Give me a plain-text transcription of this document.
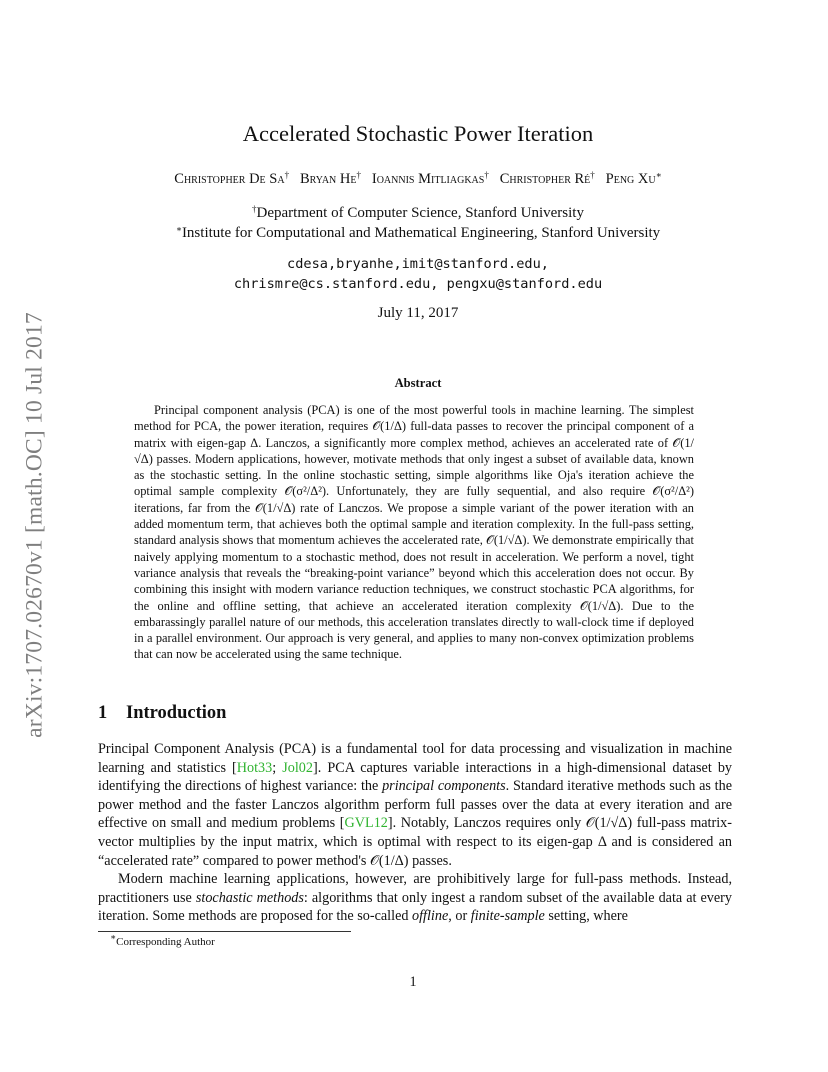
arXiv:1707.02670v1 [math.OC] 10 Jul 2017
Accelerated Stochastic Power Iteration
Christopher De Sa† Bryan He† Ioannis Mitliagkas† Christopher Ré† Peng Xu∗
†Department of Computer Science, Stanford University
∗Institute for Computational and Mathematical Engineering, Stanford University
cdesa,bryanhe,imit@stanford.edu,
chrismre@cs.stanford.edu, pengxu@stanford.edu
July 11, 2017
Abstract

Principal component analysis (PCA) is one of the most powerful tools in machine learning. The simplest method for PCA, the power iteration, requires 𝒪(1/Δ) full-data passes to recover the principal component of a matrix with eigen-gap Δ. Lanczos, a significantly more complex method, achieves an accelerated rate of 𝒪(1/√Δ) passes. Modern applications, however, motivate methods that only ingest a subset of available data, known as the stochastic setting. In the online stochastic setting, simple algorithms like Oja's iteration achieve the optimal sample complexity 𝒪(σ²/Δ²). Unfortunately, they are fully sequential, and also require 𝒪(σ²/Δ²) iterations, far from the 𝒪(1/√Δ) rate of Lanczos. We propose a simple variant of the power iteration with an added momentum term, that achieves both the optimal sample and iteration complexity. In the full-pass setting, standard analysis shows that momentum achieves the accelerated rate, 𝒪(1/√Δ). We demonstrate empirically that naively applying momentum to a stochastic method, does not result in acceleration. We perform a novel, tight variance analysis that reveals the “breaking-point variance” beyond which this acceleration does not occur. By combining this insight with modern variance reduction techniques, we construct stochastic PCA algorithms, for the online and offline setting, that achieve an accelerated iteration complexity 𝒪(1/√Δ). Due to the embarassingly parallel nature of our methods, this acceleration translates directly to wall-clock time if deployed in a parallel environment. Our approach is very general, and applies to many non-convex optimization problems that can now be accelerated using the same technique.

1 Introduction

Principal Component Analysis (PCA) is a fundamental tool for data processing and visualization in machine learning and statistics [Hot33; Jol02]. PCA captures variable interactions in a high-dimensional dataset by identifying the directions of highest variance: the principal components. Standard iterative methods such as the power method and the faster Lanczos algorithm perform full passes over the data at every iteration and are effective on small and medium problems [GVL12]. Notably, Lanczos requires only 𝒪(1/√Δ) full-pass matrix-vector multiplies by the input matrix, which is optimal with respect to its eigen-gap Δ and is considered an “accelerated rate” compared to power method's 𝒪(1/Δ) passes.

Modern machine learning applications, however, are prohibitively large for full-pass methods. Instead, practitioners use stochastic methods: algorithms that only ingest a random subset of the available data at every iteration. Some methods are proposed for the so-called offline, or finite-sample setting, where

∗Corresponding Author
1
